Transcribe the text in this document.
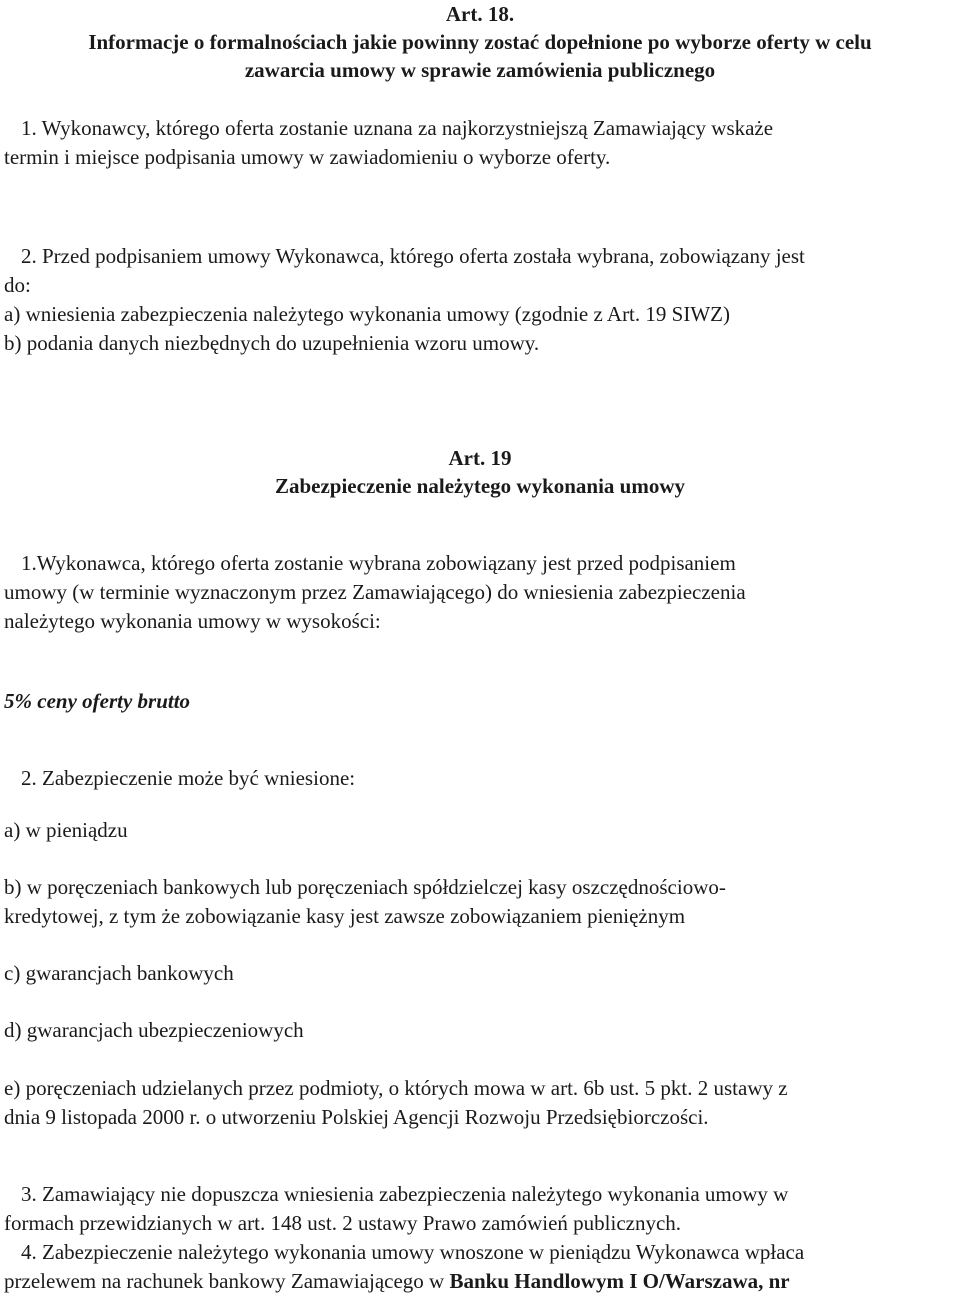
Art. 18.
Informacje o formalnościach jakie powinny zostać dopełnione po wyborze oferty w celu
zawarcia umowy w sprawie zamówienia publicznego
1. Wykonawcy, którego oferta zostanie uznana za najkorzystniejszą Zamawiający wskaże
termin i miejsce podpisania umowy w zawiadomieniu o wyborze oferty.
2. Przed podpisaniem umowy Wykonawca, którego oferta została wybrana, zobowiązany jest
do:
a) wniesienia zabezpieczenia należytego wykonania umowy (zgodnie z Art. 19 SIWZ)
b) podania danych niezbędnych do uzupełnienia wzoru umowy.
Art. 19
Zabezpieczenie należytego wykonania umowy
1.Wykonawca, którego oferta zostanie wybrana zobowiązany jest przed podpisaniem
umowy (w terminie wyznaczonym przez Zamawiającego) do wniesienia zabezpieczenia
należytego wykonania umowy w wysokości:
5% ceny oferty brutto
2. Zabezpieczenie może być wniesione:
a) w pieniądzu
b) w poręczeniach bankowych lub poręczeniach spółdzielczej kasy oszczędnościowo-
kredytowej, z tym że zobowiązanie kasy jest zawsze zobowiązaniem pieniężnym
c) gwarancjach bankowych
d) gwarancjach ubezpieczeniowych
e) poręczeniach udzielanych przez podmioty, o których mowa w art. 6b ust. 5 pkt. 2 ustawy z
dnia 9 listopada 2000 r. o utworzeniu Polskiej Agencji Rozwoju Przedsiębiorczości.
3. Zamawiający nie dopuszcza wniesienia zabezpieczenia należytego wykonania umowy w
formach przewidzianych w art. 148 ust. 2 ustawy Prawo zamówień publicznych.
4. Zabezpieczenie należytego wykonania umowy wnoszone w pieniądzu Wykonawca wpłaca
przelewem na rachunek bankowy Zamawiającego w Banku Handlowym I O/Warszawa, nr
